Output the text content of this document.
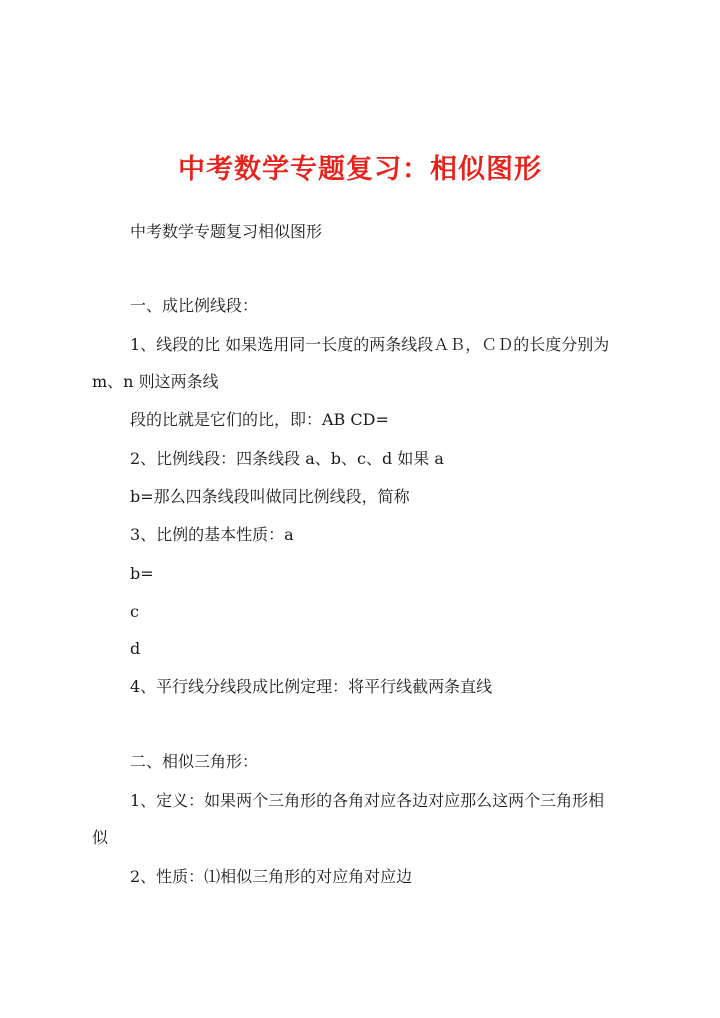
中考数学专题复习：相似图形
中考数学专题复习相似图形
一、成比例线段：
1、线段的比 如果选用同一长度的两条线段ＡＢ，ＣＤ的长度分别为
m、n 则这两条线
段的比就是它们的比，即：AB CD=
2、比例线段：四条线段 a、b、c、d 如果 a
b=那么四条线段叫做同比例线段，简称
3、比例的基本性质：a
b=
c
d
4、平行线分线段成比例定理：将平行线截两条直线
二、相似三角形：
1、定义：如果两个三角形的各角对应各边对应那么这两个三角形相
似
2、性质：⑴相似三角形的对应角对应边
